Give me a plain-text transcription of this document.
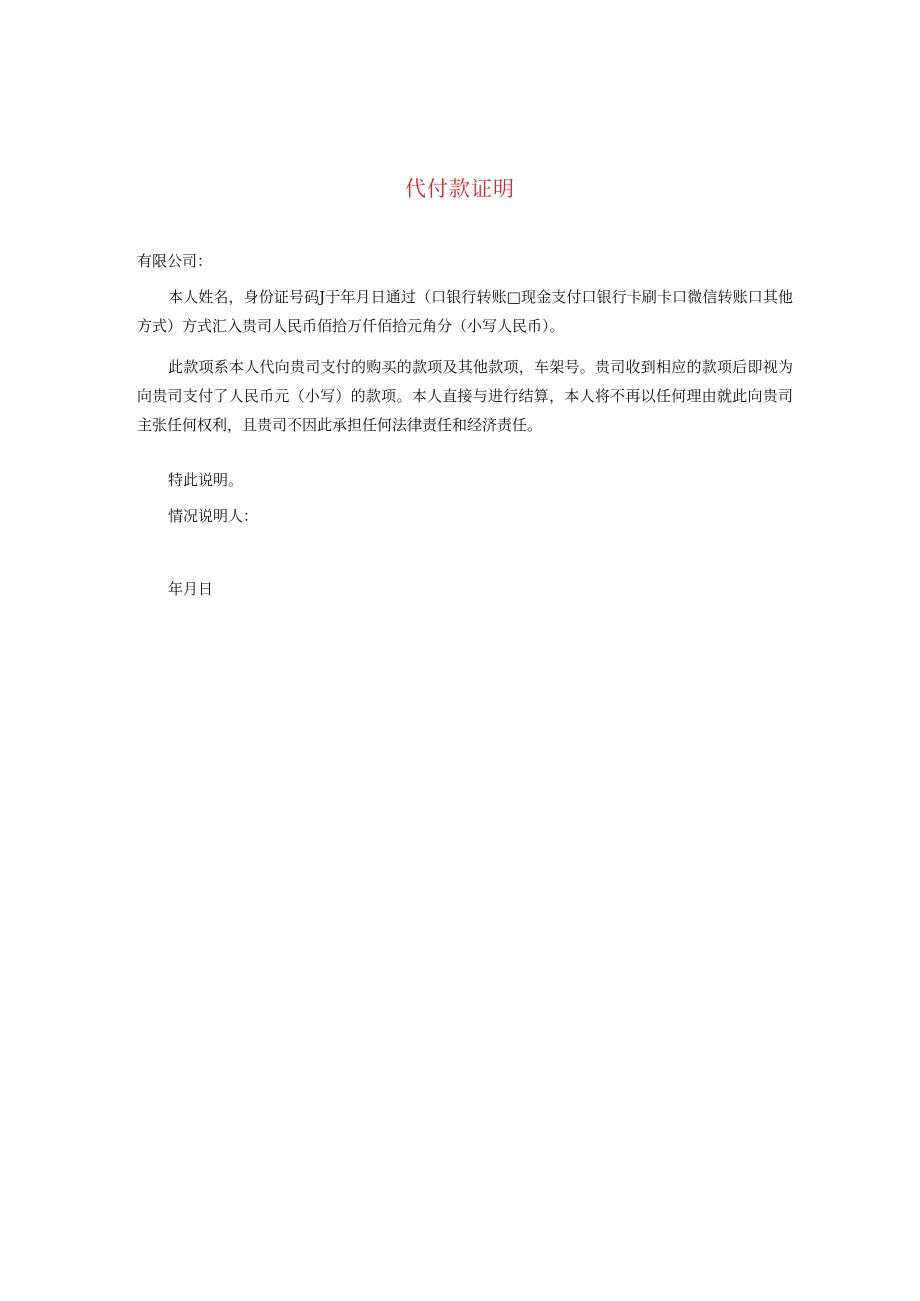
代付款证明
有限公司：
本人姓名，身份证号码J于年月日通过（口银行转账□现金支付口银行卡刷卡口微信转账口其他方式）方式汇入贵司人民币佰拾万仟佰拾元角分（小写人民币）。
此款项系本人代向贵司支付的购买的款项及其他款项，车架号。贵司收到相应的款项后即视为向贵司支付了人民币元（小写）的款项。本人直接与进行结算，本人将不再以任何理由就此向贵司主张任何权利，且贵司不因此承担任何法律责任和经济责任。
特此说明。
情况说明人：
年月日
